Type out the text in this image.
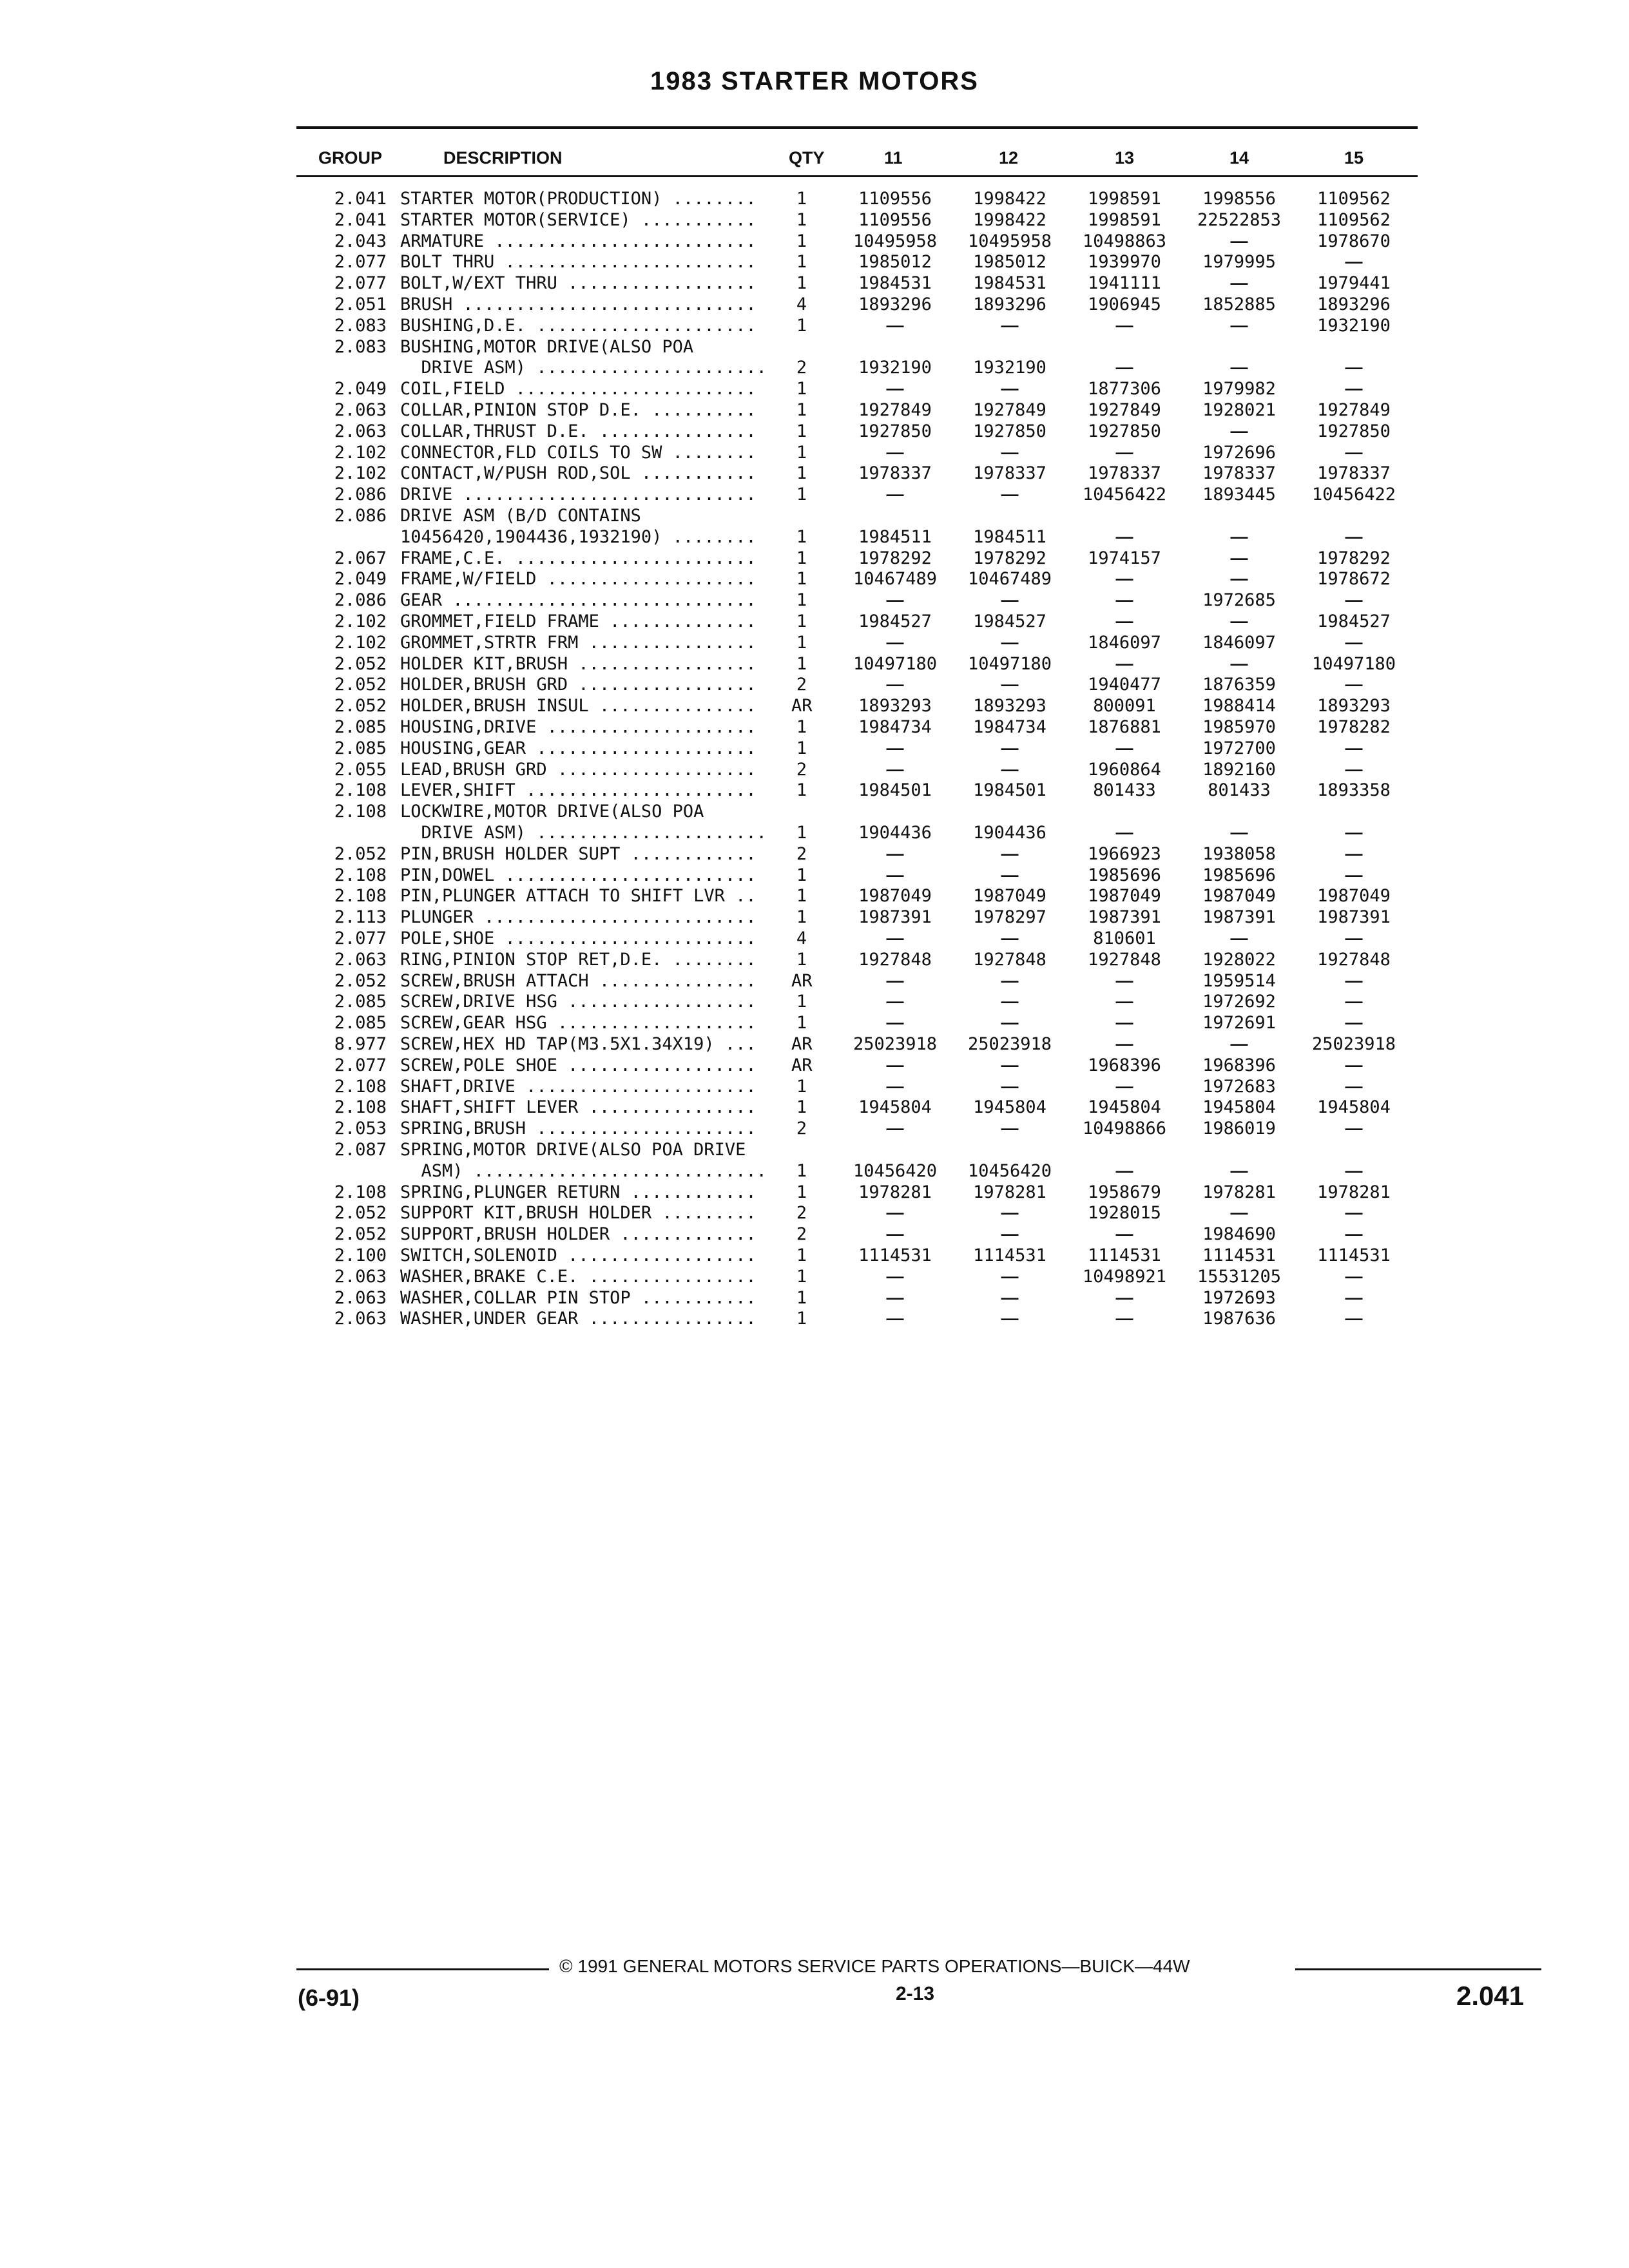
1983 STARTER MOTORS
GROUP	DESCRIPTION	QTY	11	12	13	14	15
2.041 STARTER MOTOR(PRODUCTION) ........ 1	1109556	1998422	1998591	1998556	1109562
2.041 STARTER MOTOR(SERVICE) ........... 1	1109556	1998422	1998591	22522853	1109562
2.043 ARMATURE ......................... 1	10495958	10495958	10498863	—	1978670
2.077 BOLT THRU ........................ 1	1985012	1985012	1939970	1979995	—
2.077 BOLT,W/EXT THRU .................. 1	1984531	1984531	1941111	—	1979441
2.051 BRUSH ............................ 4	1893296	1893296	1906945	1852885	1893296
2.083 BUSHING,D.E. ..................... 1	—	—	—	—	1932190
2.083 BUSHING,MOTOR DRIVE(ALSO POA
DRIVE ASM) ...................... 2	1932190	1932190	—	—	—
2.049 COIL,FIELD ....................... 1	—	—	1877306	1979982	—
2.063 COLLAR,PINION STOP D.E. .......... 1	1927849	1927849	1927849	1928021	1927849
2.063 COLLAR,THRUST D.E. ............... 1	1927850	1927850	1927850	—	1927850
2.102 CONNECTOR,FLD COILS TO SW ........ 1	—	—	—	1972696	—
2.102 CONTACT,W/PUSH ROD,SOL ........... 1	1978337	1978337	1978337	1978337	1978337
2.086 DRIVE ............................ 1	—	—	10456422	1893445	10456422
2.086 DRIVE ASM (B/D CONTAINS
10456420,1904436,1932190) ........ 1	1984511	1984511	—	—	—
2.067 FRAME,C.E. ....................... 1	1978292	1978292	1974157	—	1978292
2.049 FRAME,W/FIELD .................... 1	10467489	10467489	—	—	1978672
2.086 GEAR ............................. 1	—	—	—	1972685	—
2.102 GROMMET,FIELD FRAME .............. 1	1984527	1984527	—	—	1984527
2.102 GROMMET,STRTR FRM ................ 1	—	—	1846097	1846097	—
2.052 HOLDER KIT,BRUSH ................. 1	10497180	10497180	—	—	10497180
2.052 HOLDER,BRUSH GRD ................. 2	—	—	1940477	1876359	—
2.052 HOLDER,BRUSH INSUL ............... AR	1893293	1893293	800091	1988414	1893293
2.085 HOUSING,DRIVE .................... 1	1984734	1984734	1876881	1985970	1978282
2.085 HOUSING,GEAR ..................... 1	—	—	—	1972700	—
2.055 LEAD,BRUSH GRD ................... 2	—	—	1960864	1892160	—
2.108 LEVER,SHIFT ...................... 1	1984501	1984501	801433	801433	1893358
2.108 LOCKWIRE,MOTOR DRIVE(ALSO POA
DRIVE ASM) ...................... 1	1904436	1904436	—	—	—
2.052 PIN,BRUSH HOLDER SUPT ............ 2	—	—	1966923	1938058	—
2.108 PIN,DOWEL ........................ 1	—	—	1985696	1985696	—
2.108 PIN,PLUNGER ATTACH TO SHIFT LVR .. 1	1987049	1987049	1987049	1987049	1987049
2.113 PLUNGER .......................... 1	1987391	1978297	1987391	1987391	1987391
2.077 POLE,SHOE ........................ 4	—	—	810601	—	—
2.063 RING,PINION STOP RET,D.E. ........ 1	1927848	1927848	1927848	1928022	1927848
2.052 SCREW,BRUSH ATTACH ............... AR	—	—	—	1959514	—
2.085 SCREW,DRIVE HSG .................. 1	—	—	—	1972692	—
2.085 SCREW,GEAR HSG ................... 1	—	—	—	1972691	—
8.977 SCREW,HEX HD TAP(M3.5X1.34X19) ... AR	25023918	25023918	—	—	25023918
2.077 SCREW,POLE SHOE .................. AR	—	—	1968396	1968396	—
2.108 SHAFT,DRIVE ...................... 1	—	—	—	1972683	—
2.108 SHAFT,SHIFT LEVER ................ 1	1945804	1945804	1945804	1945804	1945804
2.053 SPRING,BRUSH ..................... 2	—	—	10498866	1986019	—
2.087 SPRING,MOTOR DRIVE(ALSO POA DRIVE
ASM) ............................ 1	10456420	10456420	—	—	—
2.108 SPRING,PLUNGER RETURN ............ 1	1978281	1978281	1958679	1978281	1978281
2.052 SUPPORT KIT,BRUSH HOLDER ......... 2	—	—	1928015	—	—
2.052 SUPPORT,BRUSH HOLDER ............. 2	—	—	—	1984690	—
2.100 SWITCH,SOLENOID .................. 1	1114531	1114531	1114531	1114531	1114531
2.063 WASHER,BRAKE C.E. ................ 1	—	—	10498921	15531205	—
2.063 WASHER,COLLAR PIN STOP ........... 1	—	—	—	1972693	—
2.063 WASHER,UNDER GEAR ................ 1	—	—	—	1987636	—
© 1991 GENERAL MOTORS SERVICE PARTS OPERATIONS—BUICK—44W
(6-91)	2-13	2.041
